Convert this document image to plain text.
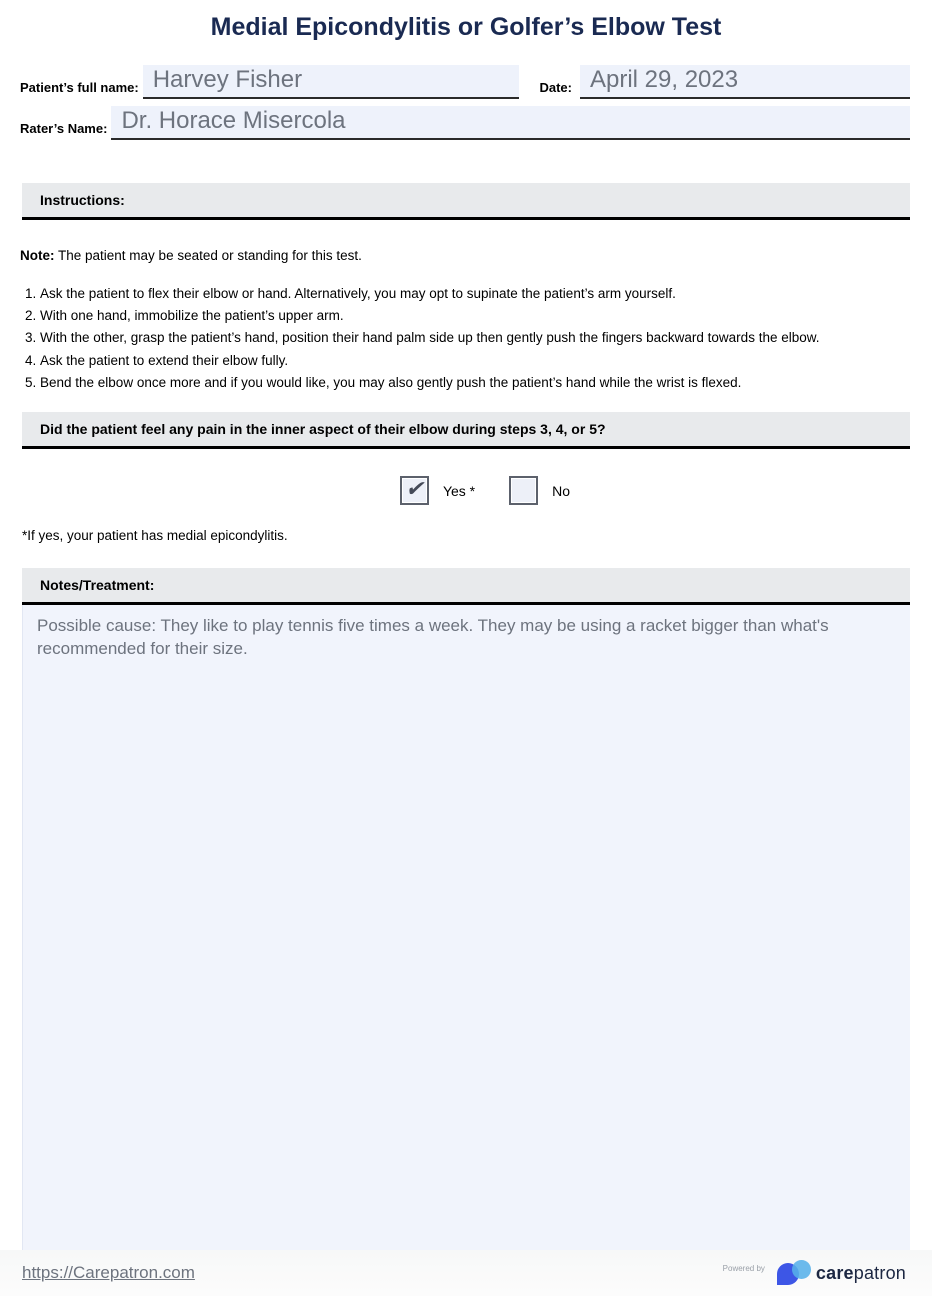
Medial Epicondylitis or Golfer’s Elbow Test
Patient’s full name:
Harvey Fisher	Date:
April 29, 2023
Rater’s Name:
Dr. Horace Misercola
Instructions:

Note: The patient may be seated or standing for this test.

1. Ask the patient to flex their elbow or hand. Alternatively, you may opt to supinate the patient’s arm yourself.
2. With one hand, immobilize the patient’s upper arm.
3. With the other, grasp the patient’s hand, position their hand palm side up then gently push the fingers backward towards the elbow.
4. Ask the patient to extend their elbow fully.
5. Bend the elbow once more and if you would like, you may also gently push the patient’s hand while the wrist is flexed.
Did the patient feel any pain in the inner aspect of their elbow during steps 3, 4, or 5?
✔ Yes *	No

*If yes, your patient has medial epicondylitis.

Notes/Treatment:
Possible cause: They like to play tennis five times a week. They may be using a racket bigger than what's recommended for their size.
https://Carepatron.com	Powered by	carepatron
